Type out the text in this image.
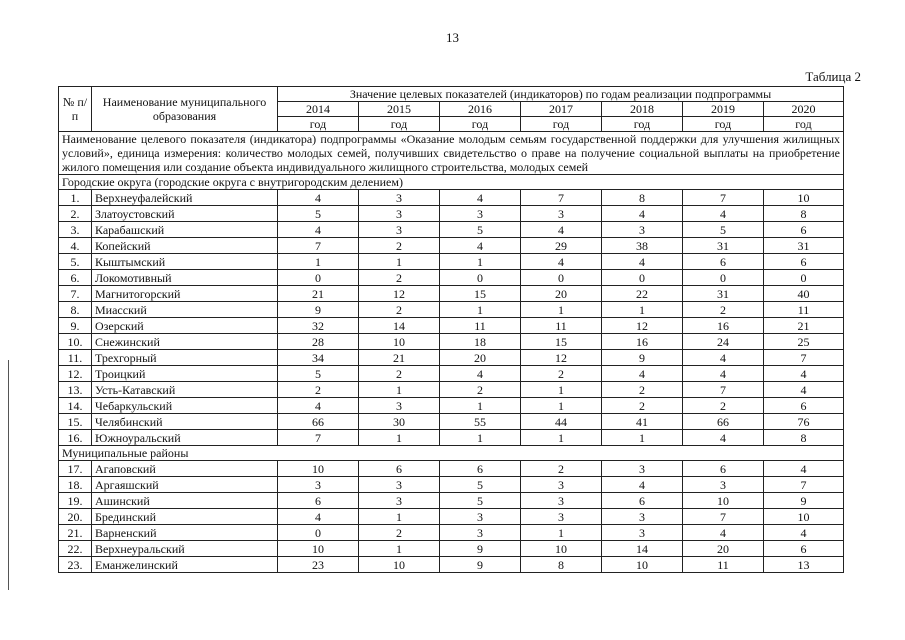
13
Таблица 2
№ п/п	Наименование муниципального образования	Значение целевых показателей (индикаторов) по годам реализации подпрограммы						
		2014	2015	2016	2017	2018	2019	2020
		год	год	год	год	год	год	год
Наименование целевого показателя (индикатора) подпрограммы «Оказание молодым семьям государственной поддержки для улучшения жилищных условий», единица измерения: количество молодых семей, получивших свидетельство о праве на получение социальной выплаты на приобретение жилого помещения или создание объекта индивидуального жилищного строительства, молодых семей								
Городские округа (городские округа с внутригородским делением)								
1.	Верхнеуфалейский	4	3	4	7	8	7	10
2.	Златоустовский	5	3	3	3	4	4	8
3.	Карабашский	4	3	5	4	3	5	6
4.	Копейский	7	2	4	29	38	31	31
5.	Кыштымский	1	1	1	4	4	6	6
6.	Локомотивный	0	2	0	0	0	0	0
7.	Магнитогорский	21	12	15	20	22	31	40
8.	Миасский	9	2	1	1	1	2	11
9.	Озерский	32	14	11	11	12	16	21
10.	Снежинский	28	10	18	15	16	24	25
11.	Трехгорный	34	21	20	12	9	4	7
12.	Троицкий	5	2	4	2	4	4	4
13.	Усть-Катавский	2	1	2	1	2	7	4
14.	Чебаркульский	4	3	1	1	2	2	6
15.	Челябинский	66	30	55	44	41	66	76
16.	Южноуральский	7	1	1	1	1	4	8
Муниципальные районы								
17.	Агаповский	10	6	6	2	3	6	4
18.	Аргаяшский	3	3	5	3	4	3	7
19.	Ашинский	6	3	5	3	6	10	9
20.	Брединский	4	1	3	3	3	7	10
21.	Варненский	0	2	3	1	3	4	4
22.	Верхнеуральский	10	1	9	10	14	20	6
23.	Еманжелинский	23	10	9	8	10	11	13
